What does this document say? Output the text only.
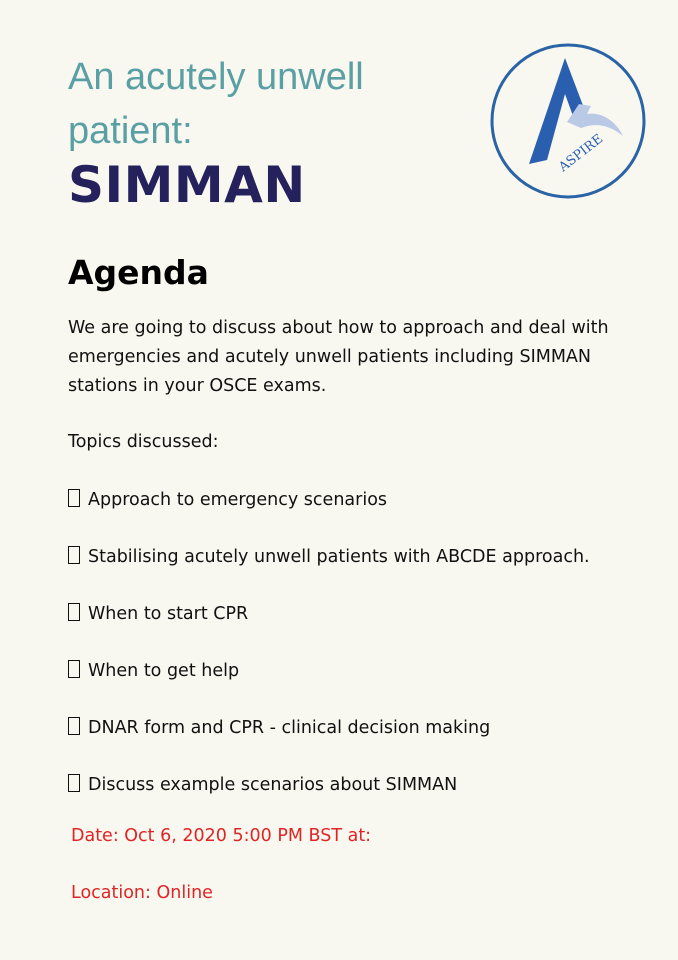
An acutely unwell
patient:
SIMMAN
ASPIRE
Agenda
We are going to discuss about how to approach and deal with emergencies and acutely unwell patients including SIMMAN stations in your OSCE exams.
Topics discussed:
Approach to emergency scenarios
Stabilising acutely unwell patients with ABCDE approach.
When to start CPR
When to get help
DNAR form and CPR - clinical decision making
Discuss example scenarios about SIMMAN
Date: Oct 6, 2020 5:00 PM BST at:
Location: Online
